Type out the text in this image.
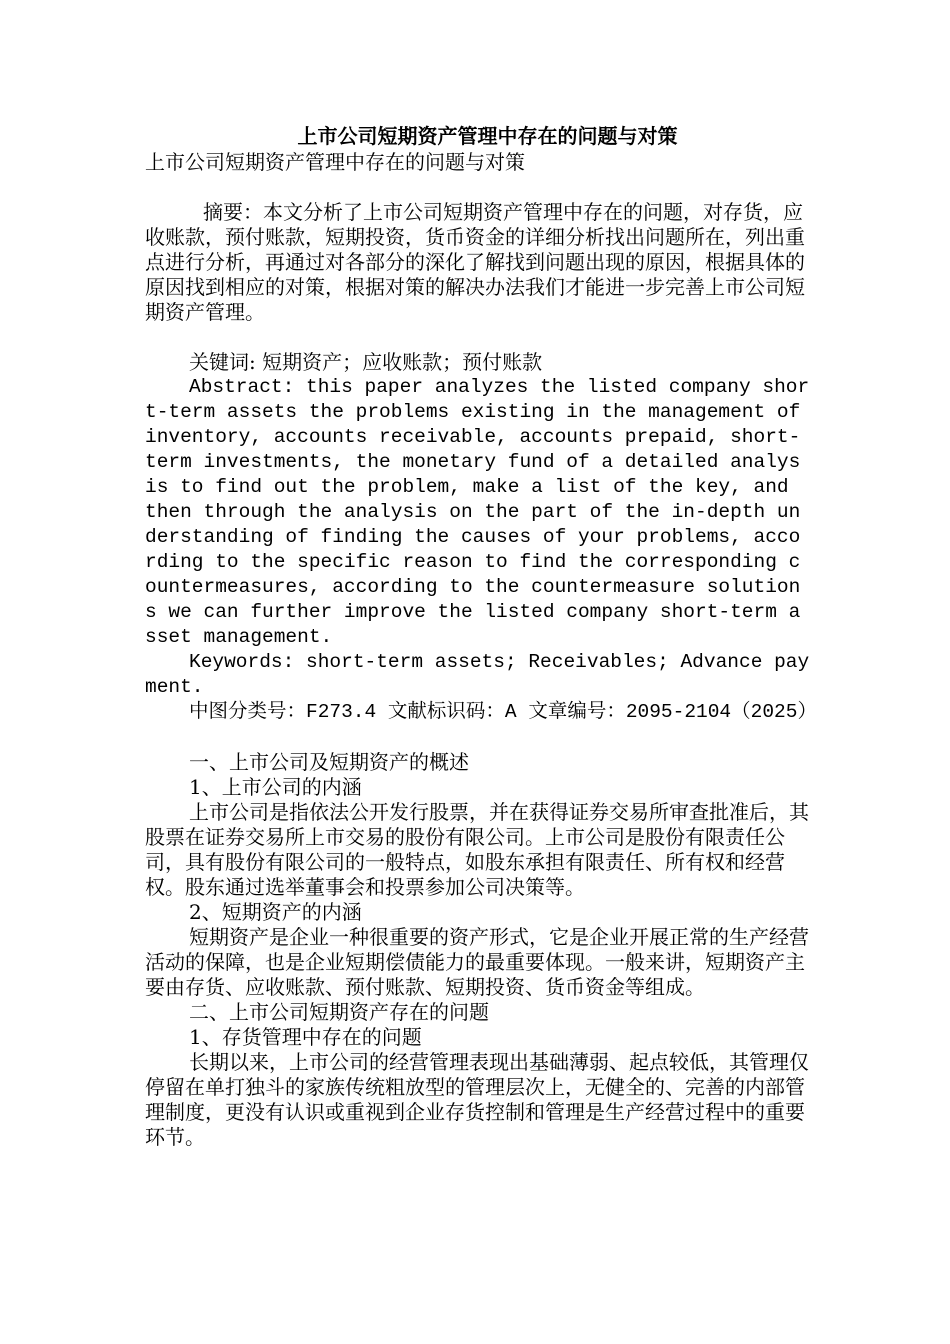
上市公司短期资产管理中存在的问题与对策

上市公司短期资产管理中存在的问题与对策

摘要：本文分析了上市公司短期资产管理中存在的问题，对存货，应收账款，预付账款，短期投资，货币资金的详细分析找出问题所在，列出重点进行分析，再通过对各部分的深化了解找到问题出现的原因，根据具体的原因找到相应的对策，根据对策的解决办法我们才能进一步完善上市公司短期资产管理。

关键词: 短期资产；应收账款；预付账款

Abstract: this paper analyzes the listed company short-term assets the problems existing in the management of inventory, accounts receivable, accounts prepaid, short-term investments, the monetary fund of a detailed analysis to find out the problem, make a list of the key, and then through the analysis on the part of the in-depth understanding of finding the causes of your problems, according to the specific reason to find the corresponding countermeasures, according to the countermeasure solutions we can further improve the listed company short-term asset management.

Keywords: short-term assets; Receivables; Advance payment.

中图分类号：F273.4 文献标识码：A 文章编号：2095-2104（2025）

一、上市公司及短期资产的概述

1、上市公司的内涵

上市公司是指依法公开发行股票，并在获得证券交易所审查批准后，其股票在证券交易所上市交易的股份有限公司。上市公司是股份有限责任公司，具有股份有限公司的一般特点，如股东承担有限责任、所有权和经营权。股东通过选举董事会和投票参加公司决策等。

2、短期资产的内涵

短期资产是企业一种很重要的资产形式，它是企业开展正常的生产经营活动的保障，也是企业短期偿债能力的最重要体现。一般来讲，短期资产主要由存货、应收账款、预付账款、短期投资、货币资金等组成。

二、上市公司短期资产存在的问题

1、存货管理中存在的问题

长期以来，上市公司的经营管理表现出基础薄弱、起点较低，其管理仅停留在单打独斗的家族传统粗放型的管理层次上，无健全的、完善的内部管理制度，更没有认识或重视到企业存货控制和管理是生产经营过程中的重要环节。
